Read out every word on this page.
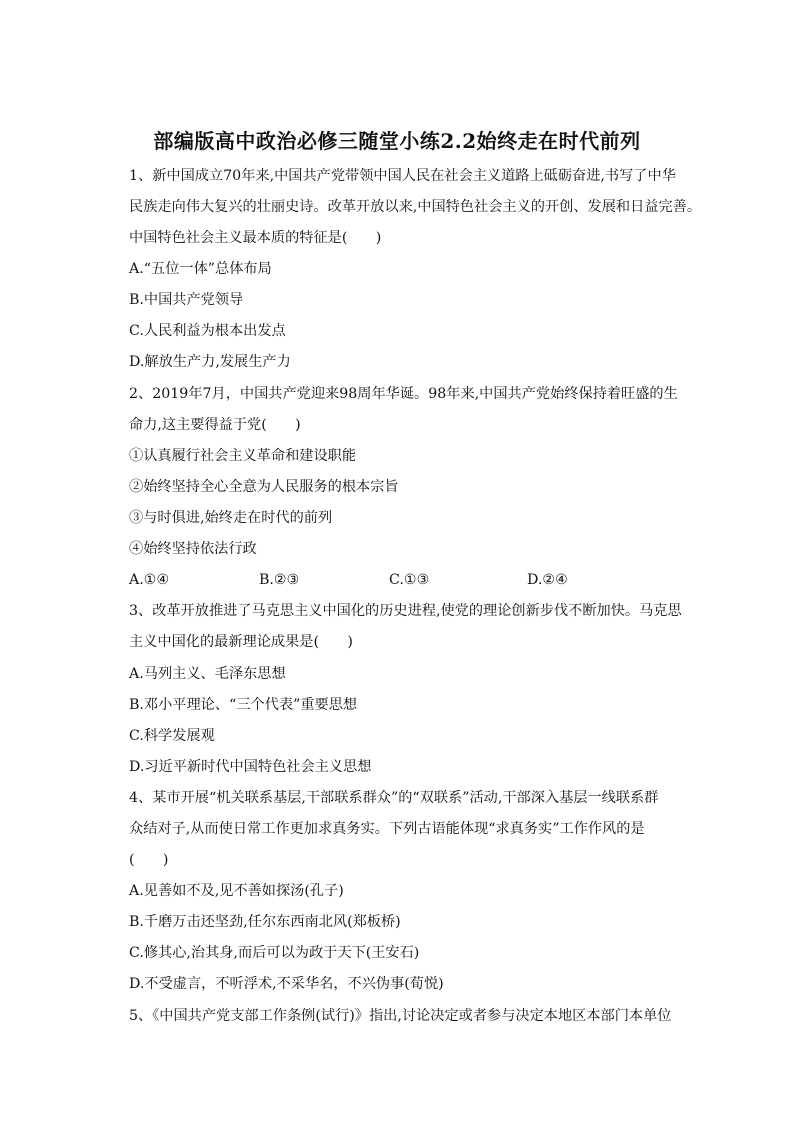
部编版高中政治必修三随堂小练2.2始终走在时代前列
1、新中国成立70年来,中国共产党带领中国人民在社会主义道路上砥砺奋进,书写了中华
民族走向伟大复兴的壮丽史诗。改革开放以来,中国特色社会主义的开创、发展和日益完善。
中国特色社会主义最本质的特征是(　　)
A.“五位一体”总体布局
B.中国共产党领导
C.人民利益为根本出发点
D.解放生产力,发展生产力
2、2019年7月，中国共产党迎来98周年华诞。98年来,中国共产党始终保持着旺盛的生
命力,这主要得益于党(　　)
①认真履行社会主义革命和建设职能
②始终坚持全心全意为人民服务的根本宗旨
③与时俱进,始终走在时代的前列
④始终坚持依法行政
A.①④	B.②③	C.①③	D.②④
3、改革开放推进了马克思主义中国化的历史进程,使党的理论创新步伐不断加快。马克思
主义中国化的最新理论成果是(　　)
A.马列主义、毛泽东思想
B.邓小平理论、“三个代表”重要思想
C.科学发展观
D.习近平新时代中国特色社会主义思想
4、某市开展“机关联系基层,干部联系群众”的“双联系”活动,干部深入基层一线联系群
众结对子,从而使日常工作更加求真务实。下列古语能体现“求真务实”工作作风的是
(　　)
A.见善如不及,见不善如探汤(孔子)
B.千磨万击还坚劲,任尔东西南北风(郑板桥)
C.修其心,治其身,而后可以为政于天下(王安石)
D.不受虚言，不听浮术,不采华名，不兴伪事(荀悦)
5、《中国共产党支部工作条例(试行)》指出,讨论决定或者参与决定本地区本部门本单位
